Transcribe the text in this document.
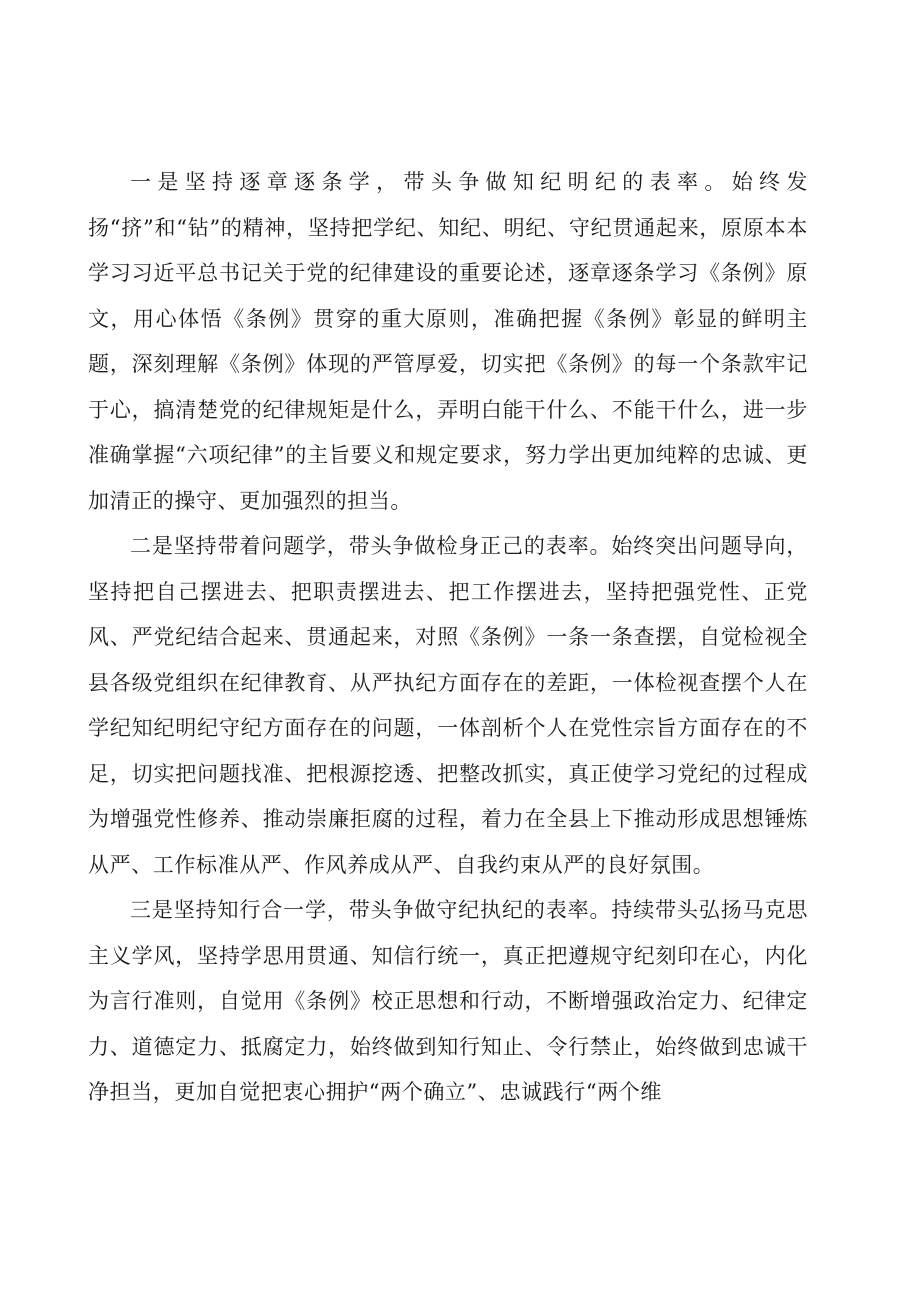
一是坚持逐章逐条学，带头争做知纪明纪的表率。始终发扬“挤”和“钻”的精神，坚持把学纪、知纪、明纪、守纪贯通起来，原原本本学习习近平总书记关于党的纪律建设的重要论述，逐章逐条学习《条例》原文，用心体悟《条例》贯穿的重大原则，准确把握《条例》彰显的鲜明主题，深刻理解《条例》体现的严管厚爱，切实把《条例》的每一个条款牢记于心，搞清楚党的纪律规矩是什么，弄明白能干什么、不能干什么，进一步准确掌握“六项纪律”的主旨要义和规定要求，努力学出更加纯粹的忠诚、更加清正的操守、更加强烈的担当。

二是坚持带着问题学，带头争做检身正己的表率。始终突出问题导向，坚持把自己摆进去、把职责摆进去、把工作摆进去，坚持把强党性、正党风、严党纪结合起来、贯通起来，对照《条例》一条一条查摆，自觉检视全县各级党组织在纪律教育、从严执纪方面存在的差距，一体检视查摆个人在学纪知纪明纪守纪方面存在的问题，一体剖析个人在党性宗旨方面存在的不足，切实把问题找准、把根源挖透、把整改抓实，真正使学习党纪的过程成为增强党性修养、推动崇廉拒腐的过程，着力在全县上下推动形成思想锤炼从严、工作标准从严、作风养成从严、自我约束从严的良好氛围。

三是坚持知行合一学，带头争做守纪执纪的表率。持续带头弘扬马克思主义学风，坚持学思用贯通、知信行统一，真正把遵规守纪刻印在心，内化为言行准则，自觉用《条例》校正思想和行动，不断增强政治定力、纪律定力、道德定力、抵腐定力，始终做到知行知止、令行禁止，始终做到忠诚干净担当，更加自觉把衷心拥护“两个确立”、忠诚践行“两个维
